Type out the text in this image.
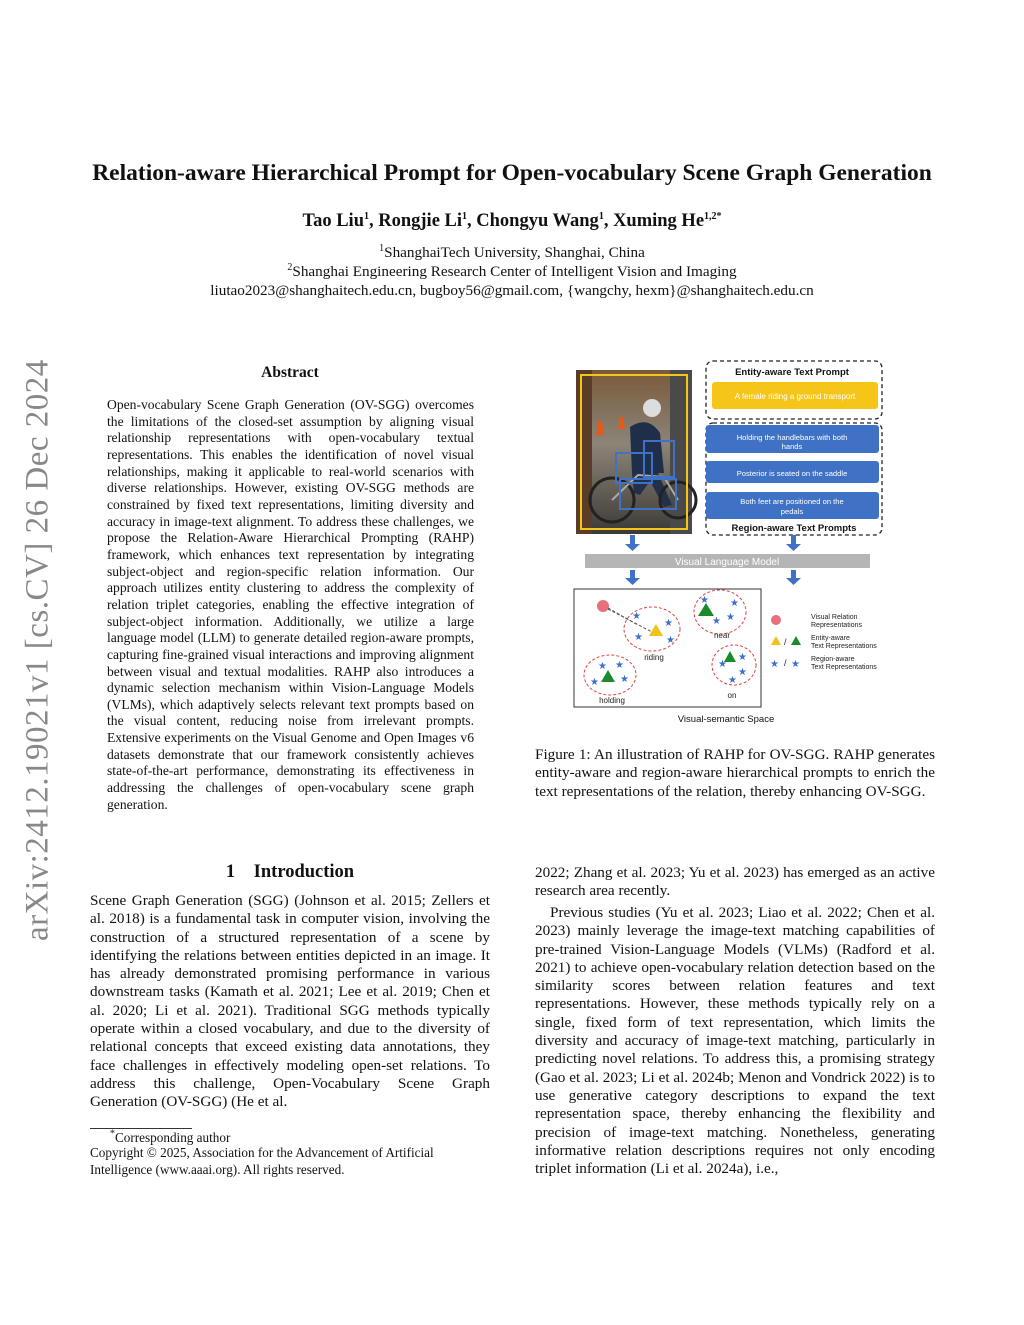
arXiv:2412.19021v1 [cs.CV] 26 Dec 2024
Relation-aware Hierarchical Prompt for Open-vocabulary Scene Graph Generation
Tao Liu$^1$, Rongjie Li$^1$, Chongyu Wang$^1$, Xuming $He^{1,2*}$
$^1$ShanghaiTech University, Shanghai, China
$^2$Shanghai Engineering Research Center of Intelligent Vision and Imaging
liutao2023@shanghaitech.edu.cn, bugboy56@gmail.com, {wangchy, hexm}@shanghaitech.edu.cn
Abstract
Open-vocabulary Scene Graph Generation (OV-SGG) overcomes the limitations of the closed-set assumption by aligning visual relationship representations with open-vocabulary textual representations. This enables the identification of novel visual relationships, making it applicable to real-world scenarios with diverse relationships. However, existing OV-SGG methods are constrained by fixed text representations, limiting diversity and accuracy in image-text alignment. To address these challenges, we propose the Relation-Aware Hierarchical Prompting (RAHP) framework, which enhances text representation by integrating subject-object and region-specific relation information. Our approach utilizes entity clustering to address the complexity of relation triplet categories, enabling the effective integration of subject-object information. Additionally, we utilize a large language model (LLM) to generate detailed region-aware prompts, capturing fine-grained visual interactions and improving alignment between visual and textual modalities. RAHP also introduces a dynamic selection mechanism within Vision-Language Models (VLMs), which adaptively selects relevant text prompts based on the visual content, reducing noise from irrelevant prompts. Extensive experiments on the Visual Genome and Open Images v6 datasets demonstrate that our framework consistently achieves state-of-the-art performance, demonstrating its effectiveness in addressing the challenges of open-vocabulary scene graph generation.
Entity-aware Text Prompt
A female riding a ground transport
Holding the handlebars with both
hands
Posterior is seated on the saddle
Both feet are positioned on the
pedals
Region-aware Text Prompts
Visual Language Model
riding
near
holding
on
★
★
★
★
★ ★
★
★
★ ★
★
★
★
★
★
★
Visual-semantic Space
Visual Relation
Representations
/	Entity-aware
Text Representations
★ / ★ Region-aware
Text Representations
Figure 1: An illustration of RAHP for OV-SGG. RAHP generates entity-aware and region-aware hierarchical prompts to enrich the text representations of the relation, thereby enhancing OV-SGG.
1 Introduction
Scene Graph Generation (SGG) (Johnson et al. 2015; Zellers et al. 2018) is a fundamental task in computer vision, involving the construction of a structured representation of a scene by identifying the relations between entities depicted in an image. It has already demonstrated promising performance in various downstream tasks (Kamath et al. 2021; Lee et al. 2019; Chen et al. 2020; Li et al. 2021). Traditional SGG methods typically operate within a closed vocabulary, and due to the diversity of relational concepts that exceed existing data annotations, they face challenges in effectively modeling open-set relations. To address this challenge, Open-Vocabulary Scene Graph Generation (OV-SGG) (He et al.
*Corresponding author
Copyright © 2025, Association for the Advancement of Artificial Intelligence (www.aaai.org). All rights reserved.
2022; Zhang et al. 2023; Yu et al. 2023) has emerged as an active research area recently.
Previous studies (Yu et al. 2023; Liao et al. 2022; Chen et al. 2023) mainly leverage the image-text matching capabilities of pre-trained Vision-Language Models (VLMs) (Radford et al. 2021) to achieve open-vocabulary relation detection based on the similarity scores between relation features and text representations. However, these methods typically rely on a single, fixed form of text representation, which limits the diversity and accuracy of image-text matching, particularly in predicting novel relations. To address this, a promising strategy (Gao et al. 2023; Li et al. 2024b; Menon and Vondrick 2022) is to use generative category descriptions to expand the text representation space, thereby enhancing the flexibility and precision of image-text matching. Nonetheless, generating informative relation descriptions requires not only encoding triplet information (Li et al. 2024a), i.e.,
